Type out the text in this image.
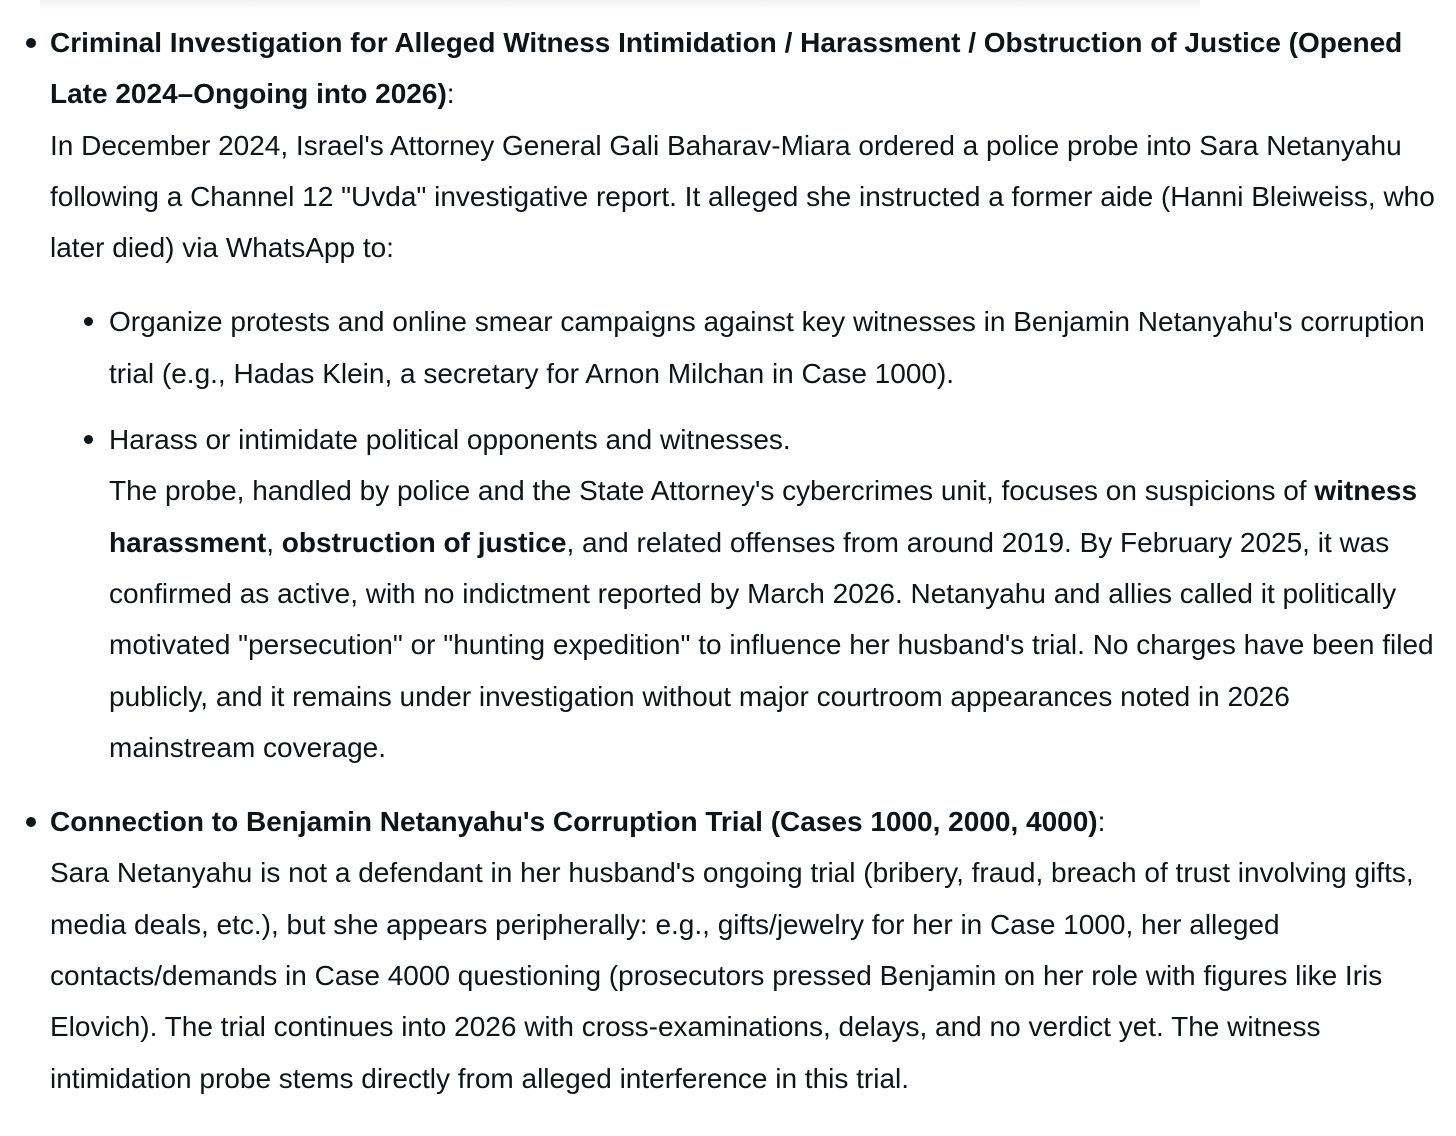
Criminal Investigation for Alleged Witness Intimidation / Harassment / Obstruction of Justice (Opened Late 2024–Ongoing into 2026):
In December 2024, Israel's Attorney General Gali Baharav-Miara ordered a police probe into Sara Netanyahu following a Channel 12 "Uvda" investigative report. It alleged she instructed a former aide (Hanni Bleiweiss, who later died) via WhatsApp to:
Organize protests and online smear campaigns against key witnesses in Benjamin Netanyahu's corruption trial (e.g., Hadas Klein, a secretary for Arnon Milchan in Case 1000).
Harass or intimidate political opponents and witnesses.
The probe, handled by police and the State Attorney's cybercrimes unit, focuses on suspicions of witness harassment, obstruction of justice, and related offenses from around 2019. By February 2025, it was confirmed as active, with no indictment reported by March 2026. Netanyahu and allies called it politically motivated "persecution" or "hunting expedition" to influence her husband's trial. No charges have been filed publicly, and it remains under investigation without major courtroom appearances noted in 2026 mainstream coverage.
Connection to Benjamin Netanyahu's Corruption Trial (Cases 1000, 2000, 4000):
Sara Netanyahu is not a defendant in her husband's ongoing trial (bribery, fraud, breach of trust involving gifts, media deals, etc.), but she appears peripherally: e.g., gifts/jewelry for her in Case 1000, her alleged contacts/demands in Case 4000 questioning (prosecutors pressed Benjamin on her role with figures like Iris Elovich). The trial continues into 2026 with cross-examinations, delays, and no verdict yet. The witness intimidation probe stems directly from alleged interference in this trial.
